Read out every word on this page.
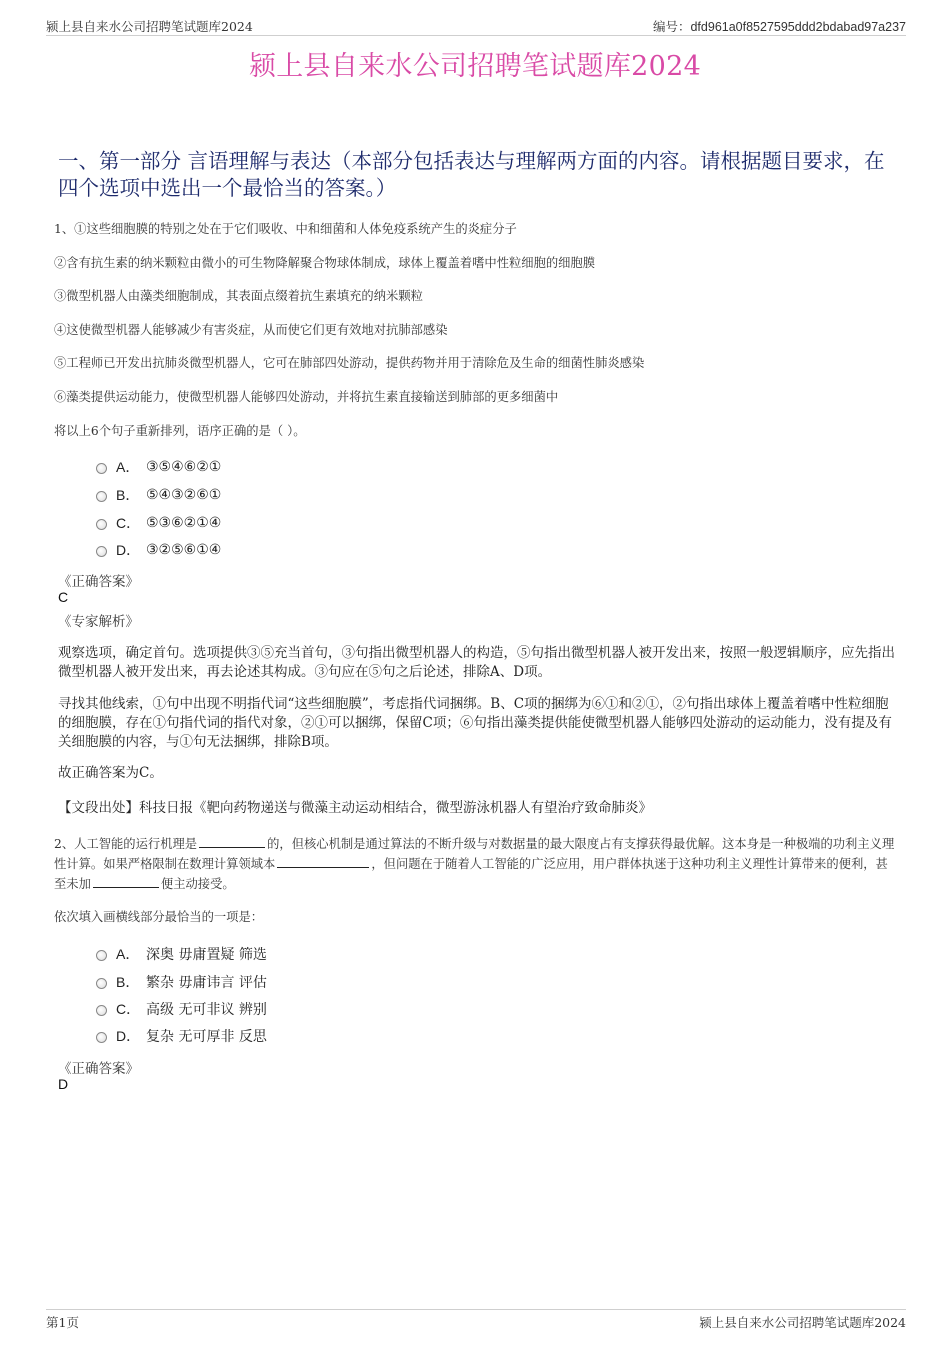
颍上县自来水公司招聘笔试题库2024	编号：dfd961a0f8527595ddd2bdabad97a237
颍上县自来水公司招聘笔试题库2024
一、第一部分 言语理解与表达（本部分包括表达与理解两方面的内容。请根据题目要求，在四个选项中选出一个最恰当的答案。）
1、①这些细胞膜的特别之处在于它们吸收、中和细菌和人体免疫系统产生的炎症分子
②含有抗生素的纳米颗粒由微小的可生物降解聚合物球体制成，球体上覆盖着嗜中性粒细胞的细胞膜
③微型机器人由藻类细胞制成，其表面点缀着抗生素填充的纳米颗粒
④这使微型机器人能够减少有害炎症，从而使它们更有效地对抗肺部感染
⑤工程师已开发出抗肺炎微型机器人，它可在肺部四处游动，提供药物并用于清除危及生命的细菌性肺炎感染
⑥藻类提供运动能力，使微型机器人能够四处游动，并将抗生素直接输送到肺部的更多细菌中
将以上6个句子重新排列，语序正确的是（ ）。
A． ③⑤④⑥②①
B． ⑤④③②⑥①
C． ⑤③⑥②①④
D． ③②⑤⑥①④
《正确答案》
C
《专家解析》
观察选项，确定首句。选项提供③⑤充当首句，③句指出微型机器人的构造，⑤句指出微型机器人被开发出来，按照一般逻辑顺序，应先指出微型机器人被开发出来，再去论述其构成。③句应在⑤句之后论述，排除A、D项。
寻找其他线索，①句中出现不明指代词“这些细胞膜”，考虑指代词捆绑。B、C项的捆绑为⑥①和②①，②句指出球体上覆盖着嗜中性粒细胞的细胞膜，存在①句指代词的指代对象，②①可以捆绑，保留C项；⑥句指出藻类提供能使微型机器人能够四处游动的运动能力，没有提及有关细胞膜的内容，与①句无法捆绑，排除B项。
故正确答案为C。
【文段出处】科技日报《靶向药物递送与微藻主动运动相结合，微型游泳机器人有望治疗致命肺炎》
2、人工智能的运行机理是	的，但核心机制是通过算法的不断升级与对数据量的最大限度占有支撑获得最优解。这本身是一种极端的功利主义理性计算。如果严格限制在数理计算领域本	，但问题在于随着人工智能的广泛应用，用户群体执迷于这种功利主义理性计算带来的便利，甚至未加	便主动接受。
依次填入画横线部分最恰当的一项是：
A． 深奥 毋庸置疑 筛选
B． 繁杂 毋庸讳言 评估
C． 高级 无可非议 辨别
D． 复杂 无可厚非 反思
《正确答案》
D
第1页	颍上县自来水公司招聘笔试题库2024
